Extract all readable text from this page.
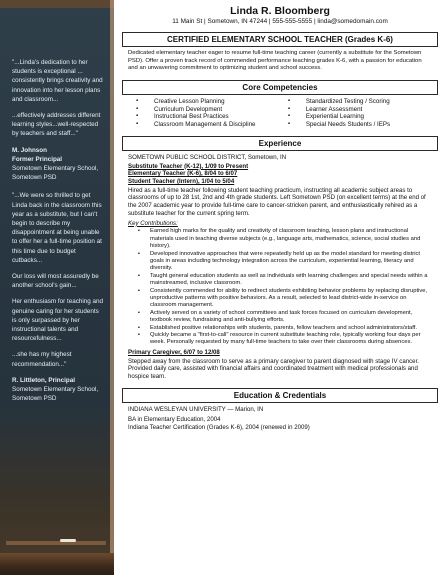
"...Linda's dedication to her students is exceptional ... consistently brings creativity and innovation into her lesson plans and classroom...

...effectively addresses different learning styles...well-respected by teachers and staff..."

M. Johnson

Former Principal

Sometown Elementary School, Sometown PSD

"...We were so thrilled to get Linda back in the classroom this year as a substitute, but I can't begin to describe my disappointment at being unable to offer her a full-time position at this time due to budget cutbacks...

Our loss will most assuredly be another school's gain...

Her enthusiasm for teaching and genuine caring for her students is only surpassed by her instructional talents and resourcefulness...

...she has my highest recommendation..."

R. Littleton, Principal

Sometown Elementary School, Sometown PSD

Linda R. Bloomberg
11 Main St | Sometown, IN 47244 | 555-555-5555 | linda@somedomain.com
CERTIFIED ELEMENTARY SCHOOL TEACHER (Grades K-6)
Dedicated elementary teacher eager to resume full-time teaching career (currently a substitute for the Sometown PSD). Offer a proven track record of commended performance teaching grades K-6, with a passion for education and an unwavering commitment to optimizing student and school success.
Core Competencies
▪ Creative Lesson Planning
▪ Curriculum Development
▪ Instructional Best Practices
▪ Classroom Management & Discipline
▪ Standardized Testing / Scoring
▪ Learner Assessment
▪ Experiential Learning
▪ Special Needs Students / IEPs
Experience
SOMETOWN PUBLIC SCHOOL DISTRICT, Sometown, IN
Substitute Teacher (K-12), 1/09 to Present
Elementary Teacher (K-6), 8/04 to 6/07
Student Teacher (Intern), 1/04 to 5/04
Hired as a full-time teacher following student teaching practicum, instructing all academic subject areas to classrooms of up to 28 1st, 2nd and 4th grade students. Left Sometown PSD (on excellent terms) at the end of the 2007 academic year to provide full-time care to cancer-stricken parent, and enthusiastically rehired as a substitute teacher for the current spring term.
Key Contributions:
▪ Earned high marks for the quality and creativity of classroom teaching, lesson plans and instructional materials used in teaching diverse subjects (e.g., language arts, mathematics, science, social studies and history).
▪ Developed innovative approaches that were repeatedly held up as the model standard for meeting district goals in areas including technology integration across the curriculum, experiential learning, literacy and diversity.
▪ Taught general education students as well as individuals with learning challenges and special needs within a mainstreamed, inclusive classroom.
▪ Consistently commended for ability to redirect students exhibiting behavior problems by replacing disruptive, unproductive patterns with positive behaviors. As a result, selected to lead district-wide in-service on classroom management.
▪ Actively served on a variety of school committees and task forces focused on curriculum development, textbook review, fundraising and anti-bullying efforts.
▪ Established positive relationships with students, parents, fellow teachers and school administrators/staff.
▪ Quickly became a "first-to-call" resource in current substitute teaching role, typically working four days per week. Personally requested by many full-time teachers to take over their classrooms during absences.
Primary Caregiver, 6/07 to 12/08
Stepped away from the classroom to serve as a primary caregiver to parent diagnosed with stage IV cancer. Provided daily care, assisted with financial affairs and coordinated treatment with medical professionals and hospice team.
Education & Credentials

INDIANA WESLEYAN UNIVERSITY — Marion, IN

BA in Elementary Education, 2004

Indiana Teacher Certification (Grades K-6), 2004 (renewed in 2009)
